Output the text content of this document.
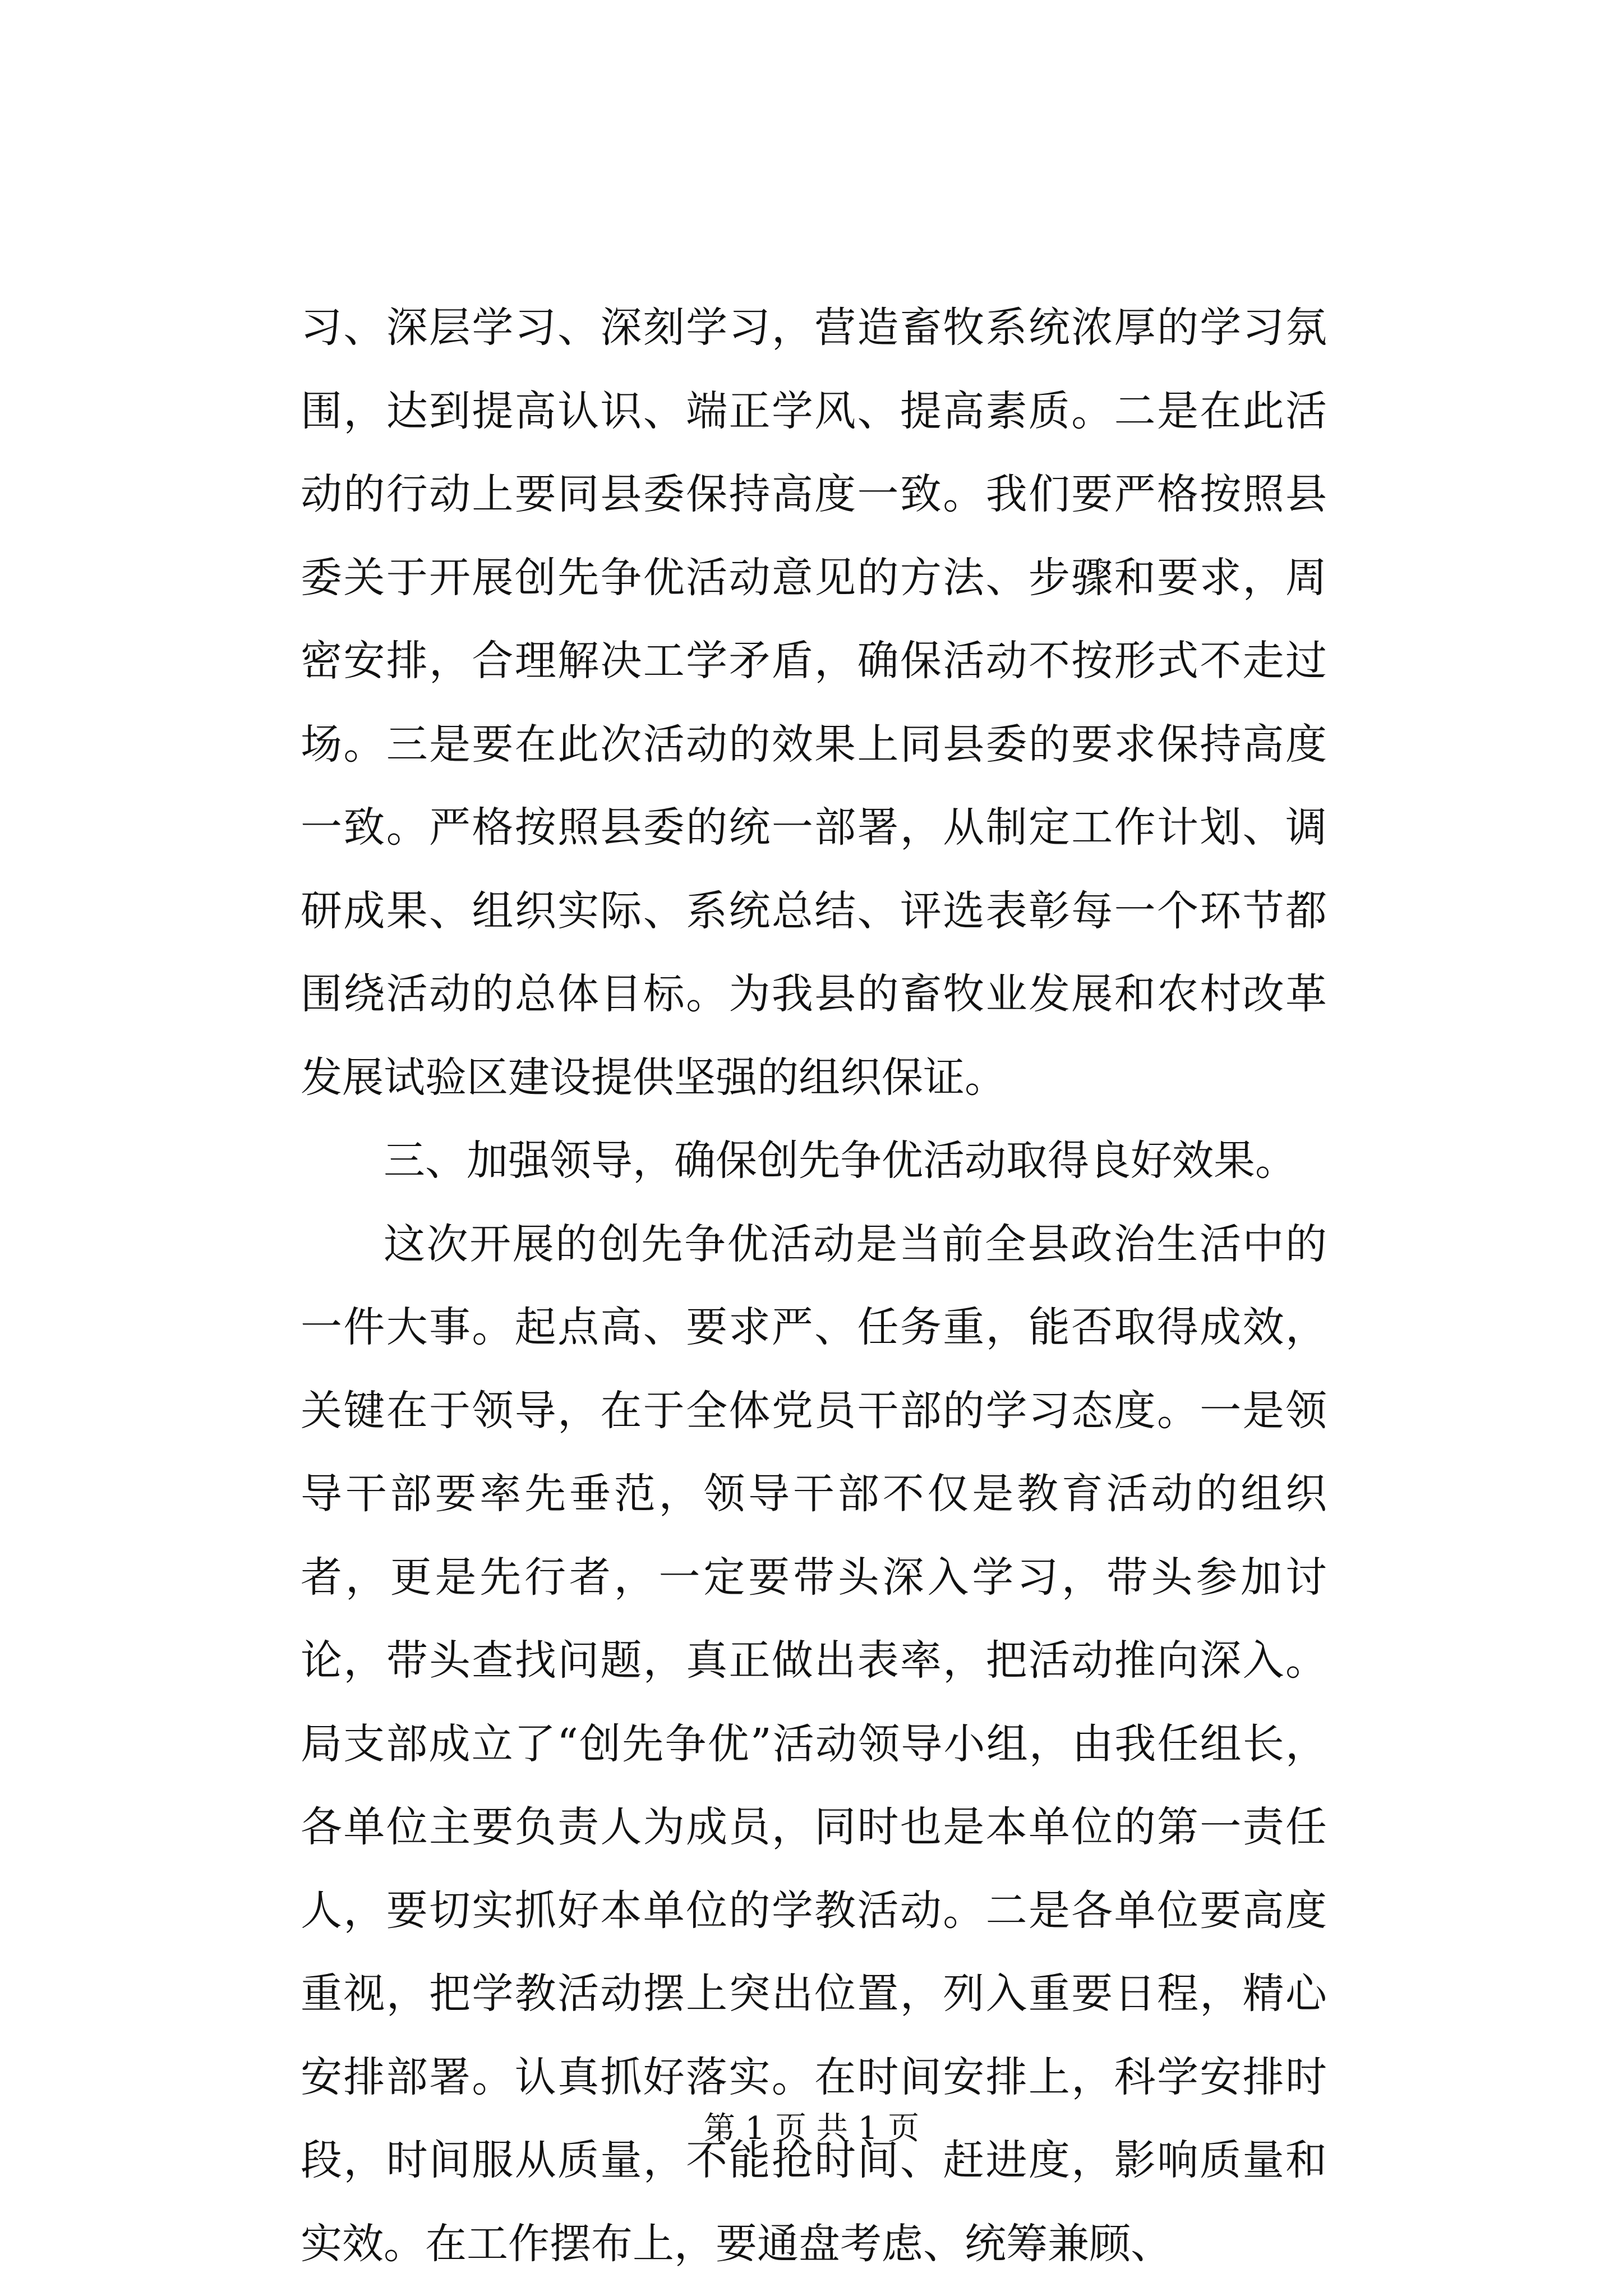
习、深层学习、深刻学习，营造畜牧系统浓厚的学习氛围，达到提高认识、端正学风、提高素质。二是在此活动的行动上要同县委保持高度一致。我们要严格按照县委关于开展创先争优活动意见的方法、步骤和要求，周密安排，合理解决工学矛盾，确保活动不按形式不走过场。三是要在此次活动的效果上同县委的要求保持高度一致。严格按照县委的统一部署，从制定工作计划、调研成果、组织实际、系统总结、评选表彰每一个环节都围绕活动的总体目标。为我县的畜牧业发展和农村改革发展试验区建设提供坚强的组织保证。

三、加强领导，确保创先争优活动取得良好效果。

这次开展的创先争优活动是当前全县政治生活中的一件大事。起点高、要求严、任务重，能否取得成效，关键在于领导，在于全体党员干部的学习态度。一是领导干部要率先垂范，领导干部不仅是教育活动的组织者，更是先行者，一定要带头深入学习，带头参加讨论，带头查找问题，真正做出表率，把活动推向深入。局支部成立了“创先争优”活动领导小组，由我任组长，各单位主要负责人为成员，同时也是本单位的第一责任人，要切实抓好本单位的学教活动。二是各单位要高度重视，把学教活动摆上突出位置，列入重要日程，精心安排部署。认真抓好落实。在时间安排上，科学安排时段，时间服从质量，不能抢时间、赶进度，影响质量和实效。在工作摆布上，要通盘考虑、统筹兼顾、

第 1 页 共 1 页
